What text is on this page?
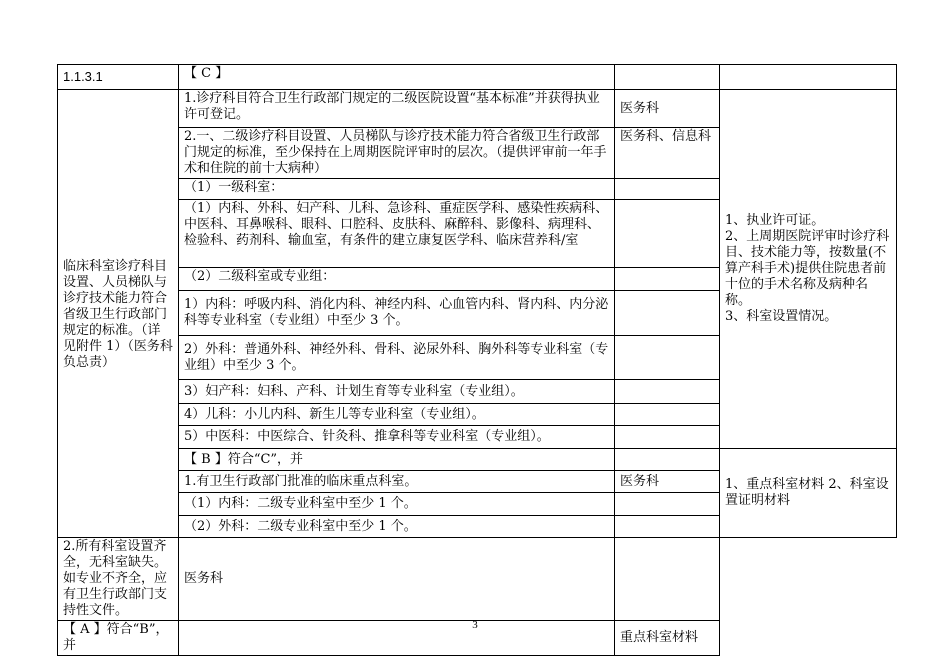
1.1.3.1	【 C 】		
临床科室诊疗科目设置、人员梯队与诊疗技术能力符合省级卫生行政部门规定的标准。（详见附件 1）（医务科负总责）	1.诊疗科目符合卫生行政部门规定的二级医院设置“基本标准”并获得执业许可登记。	医务科	1、执业许可证。
2、上周期医院评审时诊疗科目、技术能力等，按数量(不算产科手术)提供住院患者前十位的手术名称及病种名称。
3、科室设置情况。
	2.一、二级诊疗科目设置、人员梯队与诊疗技术能力符合省级卫生行政部门规定的标准，至少保持在上周期医院评审时的层次。（提供评审前一年手术和住院的前十大病种）	医务科、信息科	
	（1）一级科室：		
	（1）内科、外科、妇产科、儿科、急诊科、重症医学科、感染性疾病科、中医科、耳鼻喉科、眼科、口腔科、皮肤科、麻醉科、影像科、病理科、检验科、药剂科、输血室，有条件的建立康复医学科、临床营养科/室		
	（2）二级科室或专业组：		
	1）内科：呼吸内科、消化内科、神经内科、心血管内科、肾内科、内分泌科等专业科室（专业组）中至少 3 个。		
	2）外科：普通外科、神经外科、骨科、泌尿外科、胸外科等专业科室（专业组）中至少 3 个。		
	3）妇产科：妇科、产科、计划生育等专业科室（专业组）。		
	4）儿科：小儿内科、新生儿等专业科室（专业组）。		
	5）中医科：中医综合、针灸科、推拿科等专业科室（专业组）。		
	【 B 】符合“C”，并		1、重点科室材料 2、科室设置证明材料
	1.有卫生行政部门批准的临床重点科室。	医务科	
	（1）内科：二级专业科室中至少 1 个。		
	（2）外科：二级专业科室中至少 1 个。		
2.所有科室设置齐全，无科室缺失。如专业不齐全，应有卫生行政部门支持性文件。	医务科		
【 A 】符合“B”，并		重点科室材料	
3
